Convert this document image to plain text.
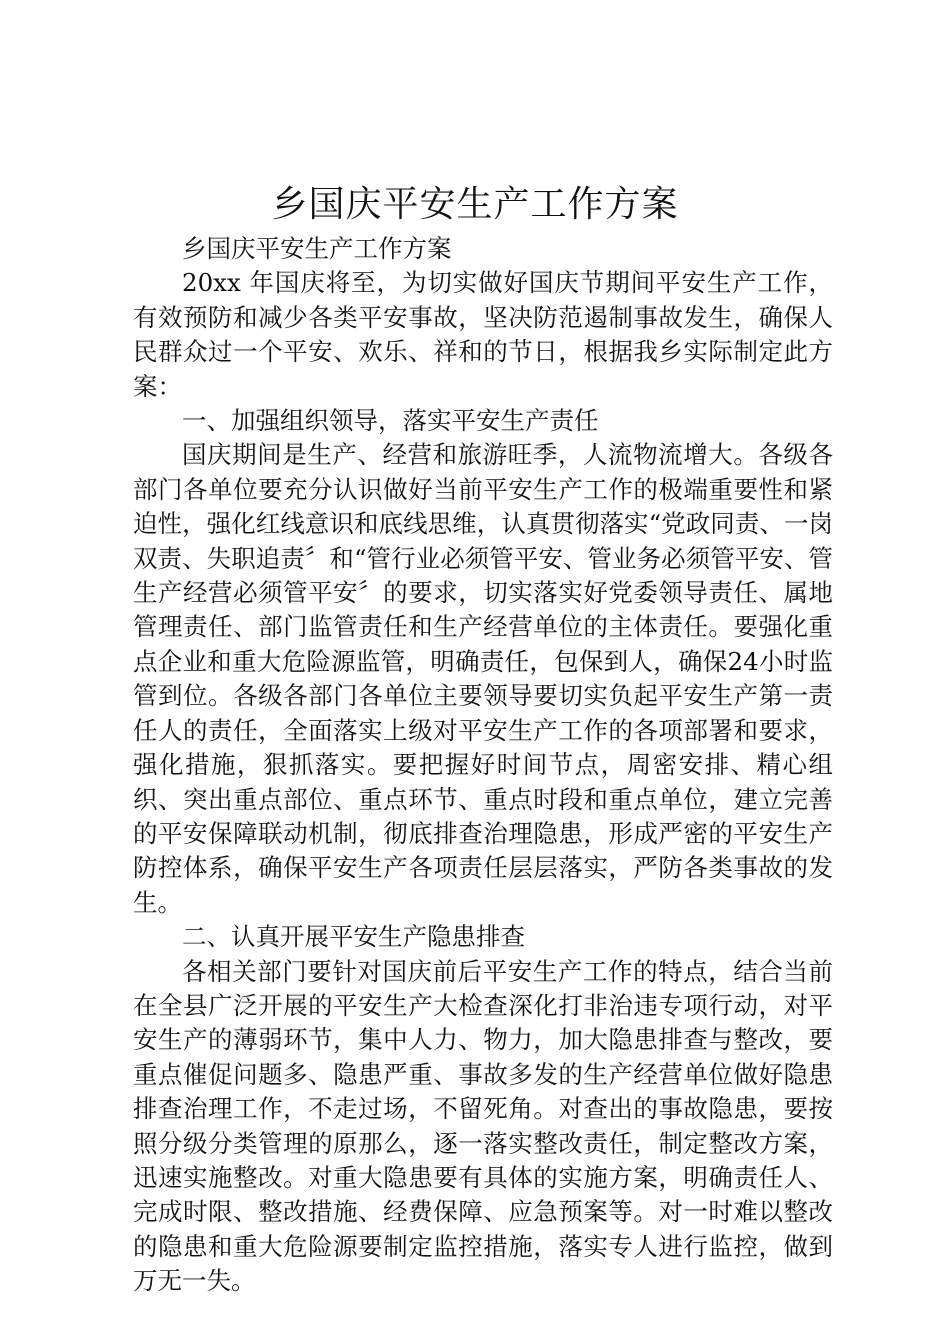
乡国庆平安生产工作方案

乡国庆平安生产工作方案

20xx 年国庆将至，为切实做好国庆节期间平安生产工作，有效预防和减少各类平安事故，坚决防范遏制事故发生，确保人民群众过一个平安、欢乐、祥和的节日，根据我乡实际制定此方案：

一、加强组织领导，落实平安生产责任

国庆期间是生产、经营和旅游旺季，人流物流增大。各级各部门各单位要充分认识做好当前平安生产工作的极端重要性和紧迫性，强化红线意识和底线思维，认真贯彻落实“党政同责、一岗双责、失职追责〞和“管行业必须管平安、管业务必须管平安、管生产经营必须管平安〞的要求，切实落实好党委领导责任、属地管理责任、部门监管责任和生产经营单位的主体责任。要强化重点企业和重大危险源监管，明确责任，包保到人，确保24小时监管到位。各级各部门各单位主要领导要切实负起平安生产第一责任人的责任，全面落实上级对平安生产工作的各项部署和要求，强化措施，狠抓落实。要把握好时间节点，周密安排、精心组织、突出重点部位、重点环节、重点时段和重点单位，建立完善的平安保障联动机制，彻底排查治理隐患，形成严密的平安生产防控体系，确保平安生产各项责任层层落实，严防各类事故的发生。

二、认真开展平安生产隐患排查

各相关部门要针对国庆前后平安生产工作的特点，结合当前在全县广泛开展的平安生产大检查深化打非治违专项行动，对平安生产的薄弱环节，集中人力、物力，加大隐患排查与整改，要重点催促问题多、隐患严重、事故多发的生产经营单位做好隐患排查治理工作，不走过场，不留死角。对查出的事故隐患，要按照分级分类管理的原那么，逐一落实整改责任，制定整改方案，迅速实施整改。对重大隐患要有具体的实施方案，明确责任人、完成时限、整改措施、经费保障、应急预案等。对一时难以整改的隐患和重大危险源要制定监控措施，落实专人进行监控，做到万无一失。
